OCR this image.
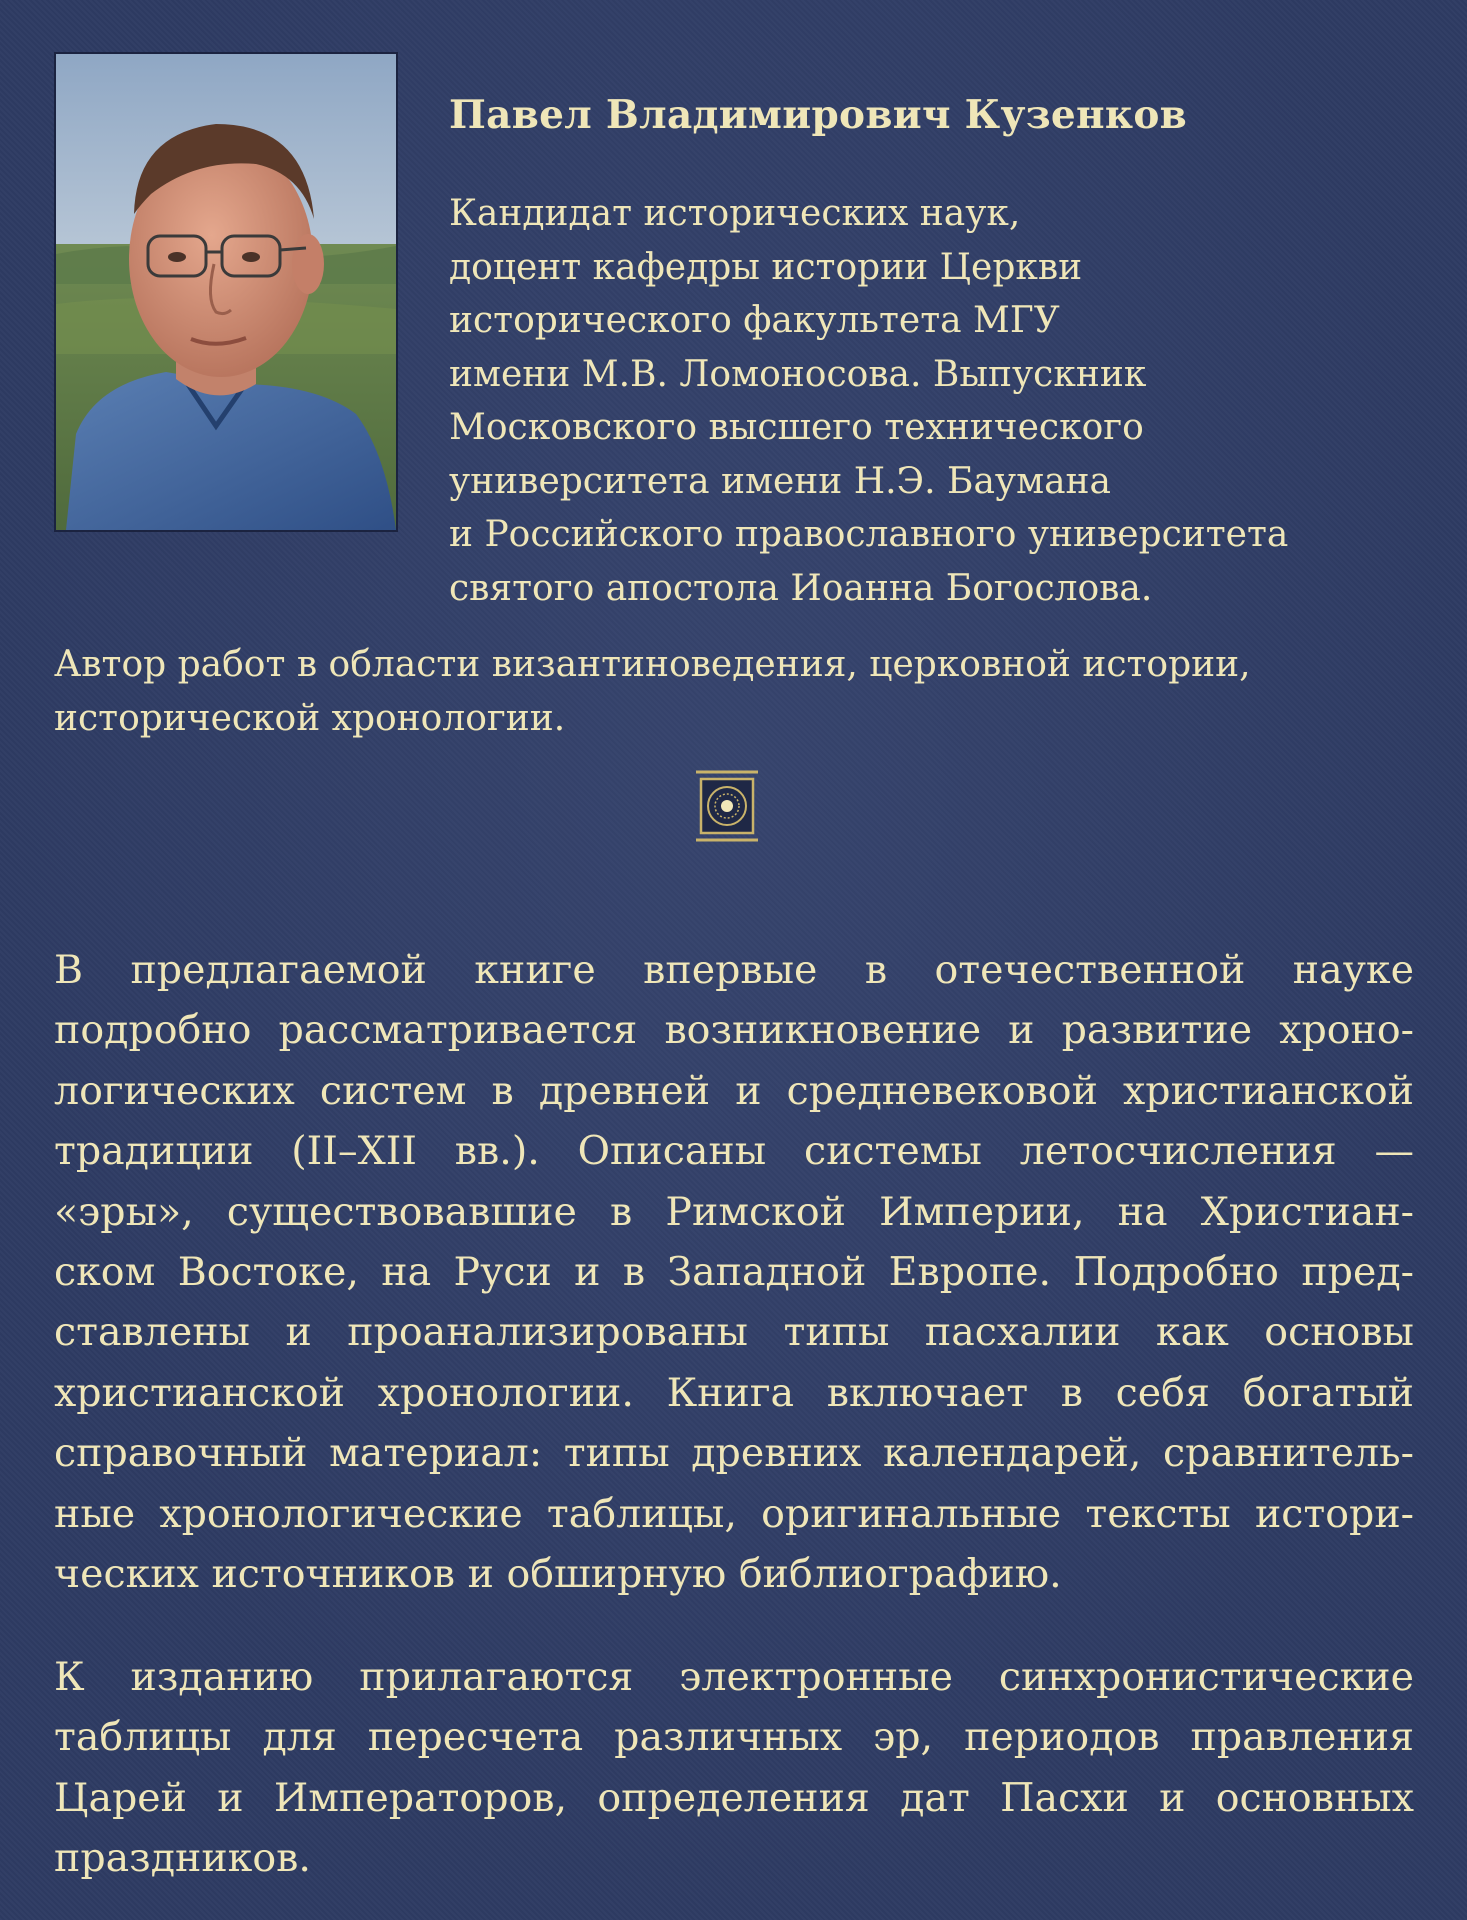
Павел Владимирович Кузенков
Кандидат исторических наук,
доцент кафедры истории Церкви
исторического факультета МГУ
имени М.В. Ломоносова. Выпускник
Московского высшего технического
университета имени Н.Э. Баумана
и Российского православного университета
святого апостола Иоанна Богослова.
Автор работ в области византиноведения, церковной истории,
исторической хронологии.
В предлагаемой книге впервые в отечественной науке
подробно рассматривается возникновение и развитие хроно-
логических систем в древней и средневековой христианской
традиции (II–XII вв.). Описаны системы летосчисления —
«эры», существовавшие в Римской Империи, на Христиан-
ском Востоке, на Руси и в Западной Европе. Подробно пред-
ставлены и проанализированы типы пасхалии как основы
христианской хронологии. Книга включает в себя богатый
справочный материал: типы древних календарей, сравнитель-
ные хронологические таблицы, оригинальные тексты истори-
ческих источников и обширную библиографию.
К изданию прилагаются электронные синхронистические
таблицы для пересчета различных эр, периодов правления
Царей и Императоров, определения дат Пасхи и основных
праздников.
